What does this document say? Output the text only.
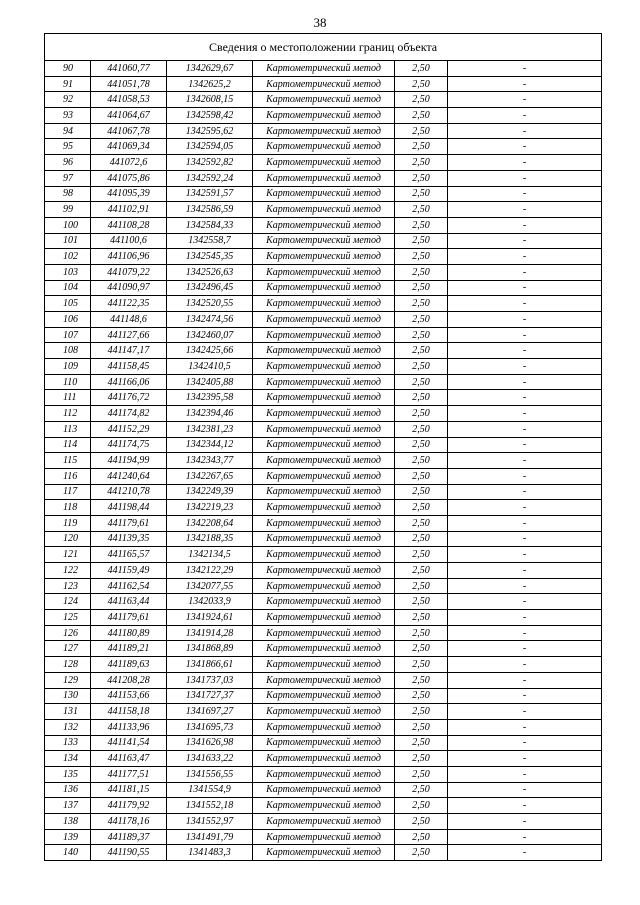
38
Сведения о местоположении границ объекта					
90	441060,77	1342629,67	Картометрический метод	2,50	-
91	441051,78	1342625,2	Картометрический метод	2,50	-
92	441058,53	1342608,15	Картометрический метод	2,50	-
93	441064,67	1342598,42	Картометрический метод	2,50	-
94	441067,78	1342595,62	Картометрический метод	2,50	-
95	441069,34	1342594,05	Картометрический метод	2,50	-
96	441072,6	1342592,82	Картометрический метод	2,50	-
97	441075,86	1342592,24	Картометрический метод	2,50	-
98	441095,39	1342591,57	Картометрический метод	2,50	-
99	441102,91	1342586,59	Картометрический метод	2,50	-
100	441108,28	1342584,33	Картометрический метод	2,50	-
101	441100,6	1342558,7	Картометрический метод	2,50	-
102	441106,96	1342545,35	Картометрический метод	2,50	-
103	441079,22	1342526,63	Картометрический метод	2,50	-
104	441090,97	1342496,45	Картометрический метод	2,50	-
105	441122,35	1342520,55	Картометрический метод	2,50	-
106	441148,6	1342474,56	Картометрический метод	2,50	-
107	441127,66	1342460,07	Картометрический метод	2,50	-
108	441147,17	1342425,66	Картометрический метод	2,50	-
109	441158,45	1342410,5	Картометрический метод	2,50	-
110	441166,06	1342405,88	Картометрический метод	2,50	-
111	441176,72	1342395,58	Картометрический метод	2,50	-
112	441174,82	1342394,46	Картометрический метод	2,50	-
113	441152,29	1342381,23	Картометрический метод	2,50	-
114	441174,75	1342344,12	Картометрический метод	2,50	-
115	441194,99	1342343,77	Картометрический метод	2,50	-
116	441240,64	1342267,65	Картометрический метод	2,50	-
117	441210,78	1342249,39	Картометрический метод	2,50	-
118	441198,44	1342219,23	Картометрический метод	2,50	-
119	441179,61	1342208,64	Картометрический метод	2,50	-
120	441139,35	1342188,35	Картометрический метод	2,50	-
121	441165,57	1342134,5	Картометрический метод	2,50	-
122	441159,49	1342122,29	Картометрический метод	2,50	-
123	441162,54	1342077,55	Картометрический метод	2,50	-
124	441163,44	1342033,9	Картометрический метод	2,50	-
125	441179,61	1341924,61	Картометрический метод	2,50	-
126	441180,89	1341914,28	Картометрический метод	2,50	-
127	441189,21	1341868,89	Картометрический метод	2,50	-
128	441189,63	1341866,61	Картометрический метод	2,50	-
129	441208,28	1341737,03	Картометрический метод	2,50	-
130	441153,66	1341727,37	Картометрический метод	2,50	-
131	441158,18	1341697,27	Картометрический метод	2,50	-
132	441133,96	1341695,73	Картометрический метод	2,50	-
133	441141,54	1341626,98	Картометрический метод	2,50	-
134	441163,47	1341633,22	Картометрический метод	2,50	-
135	441177,51	1341556,55	Картометрический метод	2,50	-
136	441181,15	1341554,9	Картометрический метод	2,50	-
137	441179,92	1341552,18	Картометрический метод	2,50	-
138	441178,16	1341552,97	Картометрический метод	2,50	-
139	441189,37	1341491,79	Картометрический метод	2,50	-
140	441190,55	1341483,3	Картометрический метод	2,50	-
